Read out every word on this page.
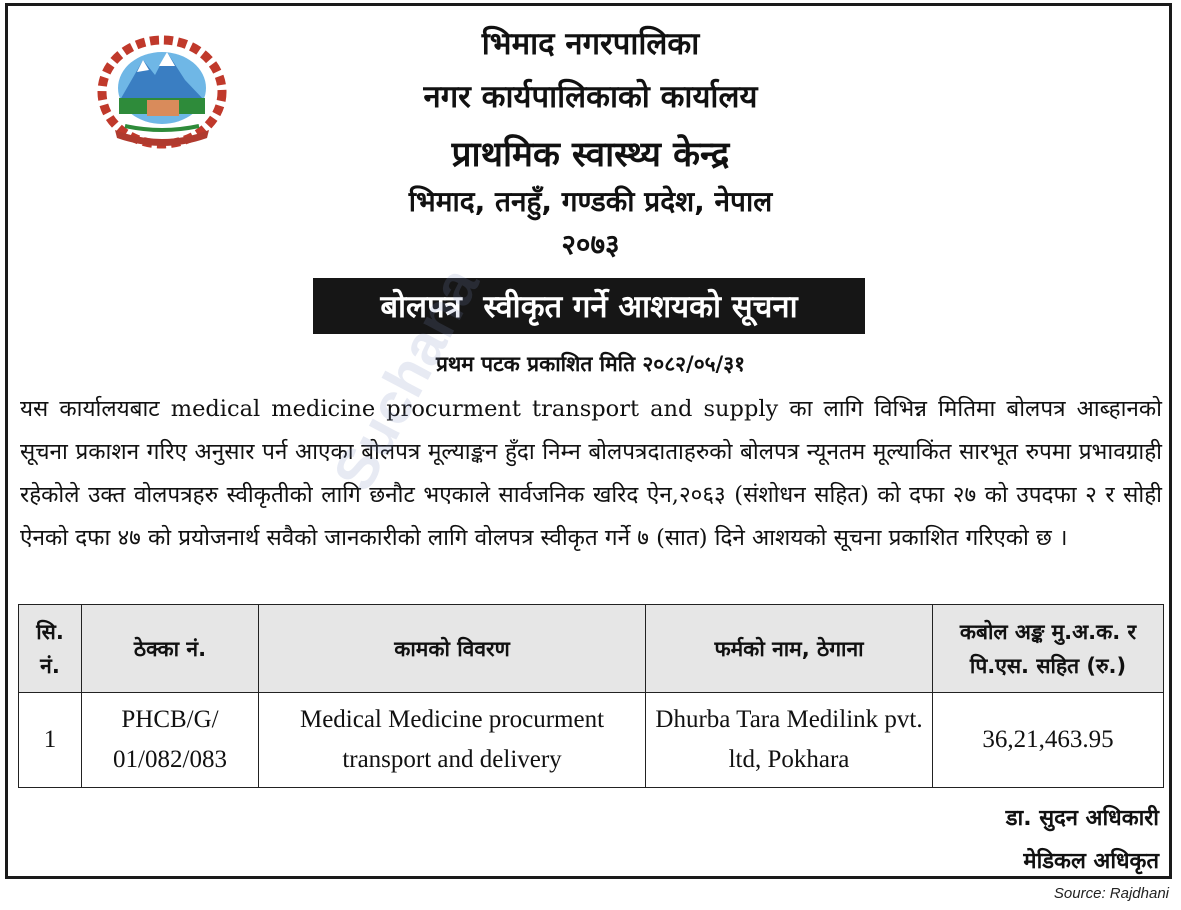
भिमाद नगरपालिका
नगर कार्यपालिकाको कार्यालय
प्राथमिक स्वास्थ्य केन्द्र
भिमाद, तनहुँ, गण्डकी प्रदेश, नेपाल
२०७३
बोलपत्र  स्वीकृत गर्ने आशयको सूचना
प्रथम पटक प्रकाशित मिति २०८२/०५/३१

यस कार्यालयबाट medical medicine procurment transport and supply का लागि विभिन्न मितिमा बोलपत्र आब्हानको सूचना प्रकाशन गरिए अनुसार पर्न आएका बोलपत्र मूल्याङ्कन हुँदा निम्न बोलपत्रदाताहरुको बोलपत्र न्यूनतम मूल्याकिंत सारभूत रुपमा प्रभावग्राही रहेकोले उक्त वोलपत्रहरु स्वीकृतीको लागि छनौट भएकाले सार्वजनिक खरिद ऐन,२०६३ (संशोधन सहित) को दफा २७ को उपदफा २ र सोही ऐनको दफा ४७ को प्रयोजनार्थ सवैको जानकारीको लागि वोलपत्र स्वीकृत गर्ने ७ (सात) दिने आशयको सूचना प्रकाशित गरिएको छ ।

सि. नं.	ठेक्का नं.	कामको विवरण	फर्मको नाम, ठेगाना	कबोल अङ्क मु.अ.क. र पि.एस. सहित (रु.)
1	PHCB/G/ 01/082/083	Medical Medicine procurment transport and delivery	Dhurba Tara Medilink pvt. ltd, Pokhara	36,21,463.95
डा. सुदन अधिकारी
मेडिकल अधिकृत
Source: Rajdhani
